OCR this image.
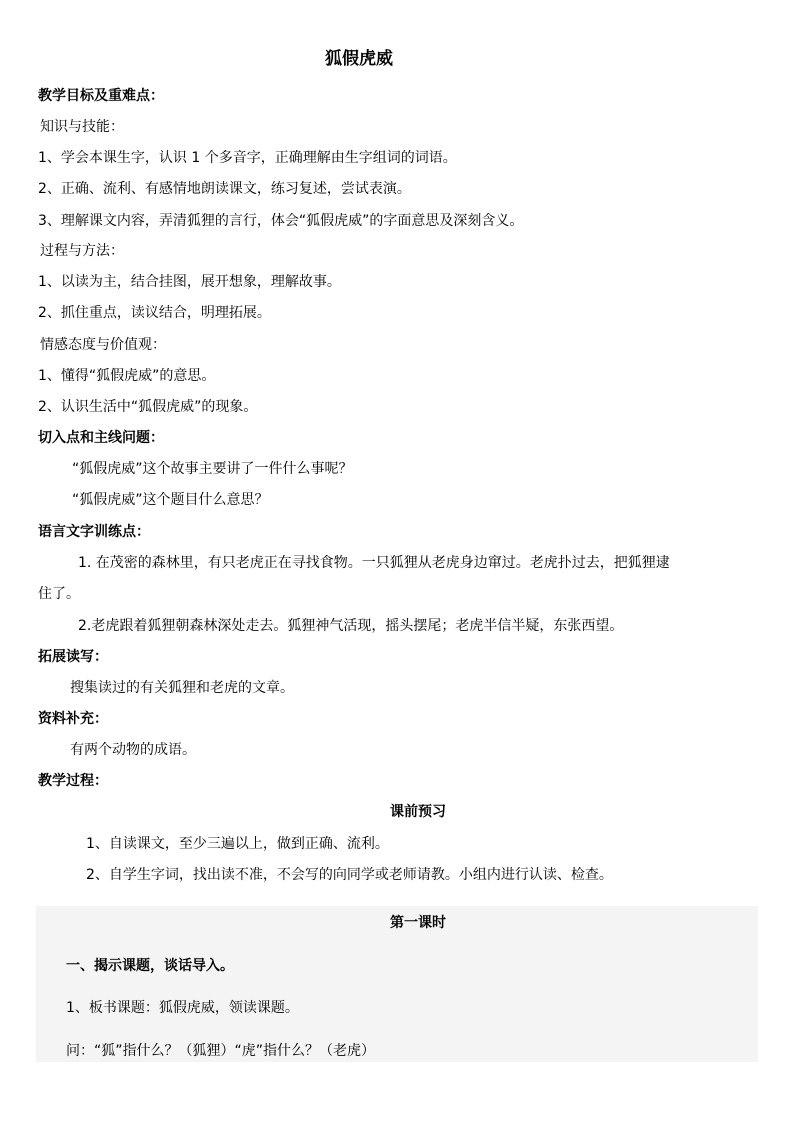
狐假虎威
教学目标及重难点：
知识与技能：
1、学会本课生字，认识 1 个多音字，正确理解由生字组词的词语。
2、正确、流利、有感情地朗读课文，练习复述，尝试表演。
3、理解课文内容，弄清狐狸的言行，体会“狐假虎威”的字面意思及深刻含义。
过程与方法：
1、以读为主，结合挂图，展开想象，理解故事。
2、抓住重点，读议结合，明理拓展。
情感态度与价值观：
1、懂得“狐假虎威”的意思。
2、认识生活中“狐假虎威”的现象。
切入点和主线问题：
“狐假虎威”这个故事主要讲了一件什么事呢？
“狐假虎威”这个题目什么意思？
语言文字训练点：
1. 在茂密的森林里，有只老虎正在寻找食物。一只狐狸从老虎身边窜过。老虎扑过去，把狐狸逮
住了。
2.老虎跟着狐狸朝森林深处走去。狐狸神气活现，摇头摆尾；老虎半信半疑，东张西望。
拓展读写：
搜集读过的有关狐狸和老虎的文章。
资料补充：
有两个动物的成语。
教学过程：
课前预习
1、自读课文，至少三遍以上，做到正确、流利。
2、自学生字词，找出读不准，不会写的向同学或老师请教。小组内进行认读、检查。
第一课时
一、揭示课题，谈话导入。
1、板书课题：狐假虎威，领读课题。
问：“狐”指什么？（狐狸）“虎”指什么？（老虎）
